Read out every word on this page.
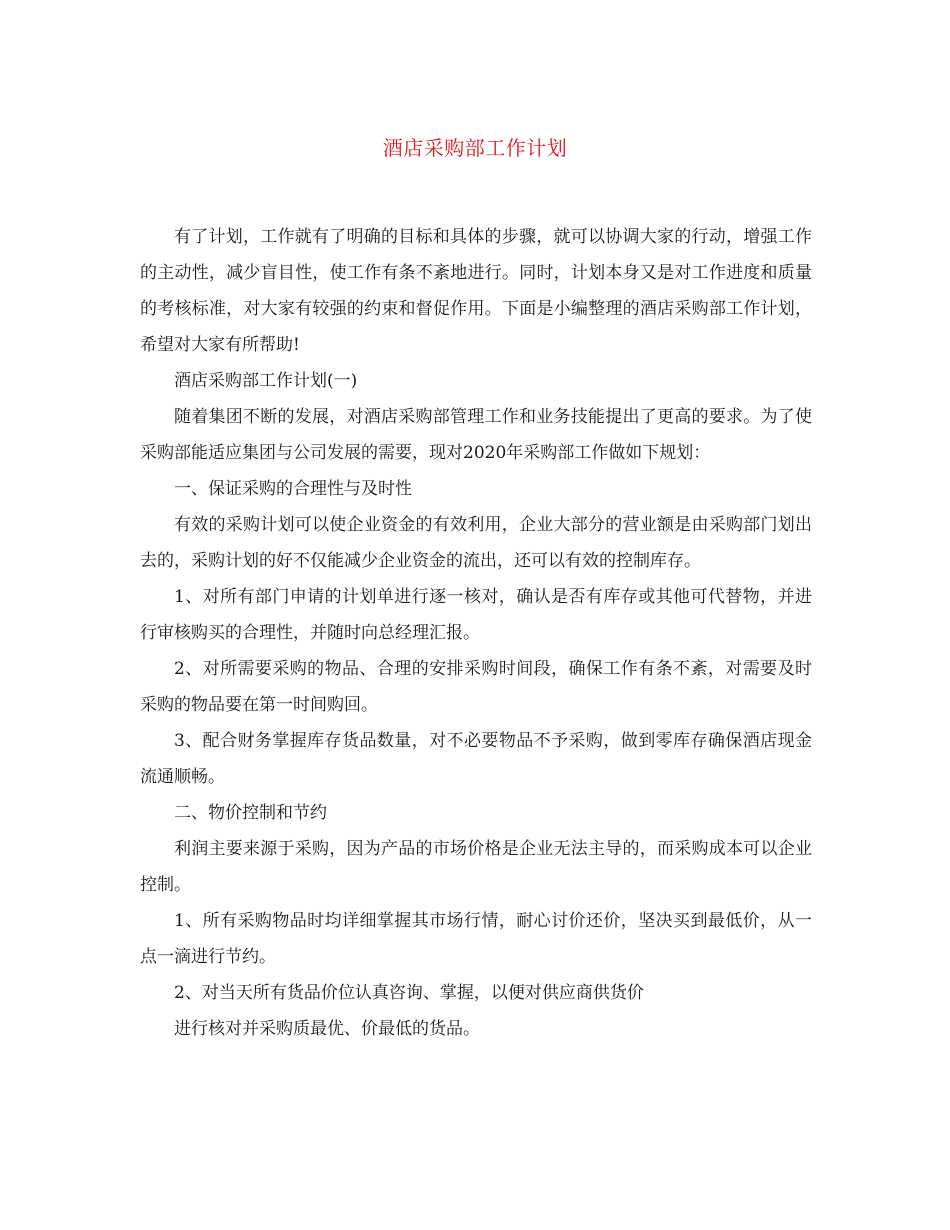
酒店采购部工作计划

有了计划，工作就有了明确的目标和具体的步骤，就可以协调大家的行动，增强工作的主动性，减少盲目性，使工作有条不紊地进行。同时，计划本身又是对工作进度和质量的考核标准，对大家有较强的约束和督促作用。下面是小编整理的酒店采购部工作计划，希望对大家有所帮助!

酒店采购部工作计划(一)

随着集团不断的发展，对酒店采购部管理工作和业务技能提出了更高的要求。为了使采购部能适应集团与公司发展的需要，现对2020年采购部工作做如下规划：

一、保证采购的合理性与及时性

有效的采购计划可以使企业资金的有效利用，企业大部分的营业额是由采购部门划出去的，采购计划的好不仅能减少企业资金的流出，还可以有效的控制库存。

1、对所有部门申请的计划单进行逐一核对，确认是否有库存或其他可代替物，并进行审核购买的合理性，并随时向总经理汇报。

2、对所需要采购的物品、合理的安排采购时间段，确保工作有条不紊，对需要及时采购的物品要在第一时间购回。

3、配合财务掌握库存货品数量，对不必要物品不予采购，做到零库存确保酒店现金流通顺畅。

二、物价控制和节约

利润主要来源于采购，因为产品的市场价格是企业无法主导的，而采购成本可以企业控制。

1、所有采购物品时均详细掌握其市场行情，耐心讨价还价，坚决买到最低价，从一点一滴进行节约。

2、对当天所有货品价位认真咨询、掌握，以便对供应商供货价

进行核对并采购质最优、价最低的货品。
